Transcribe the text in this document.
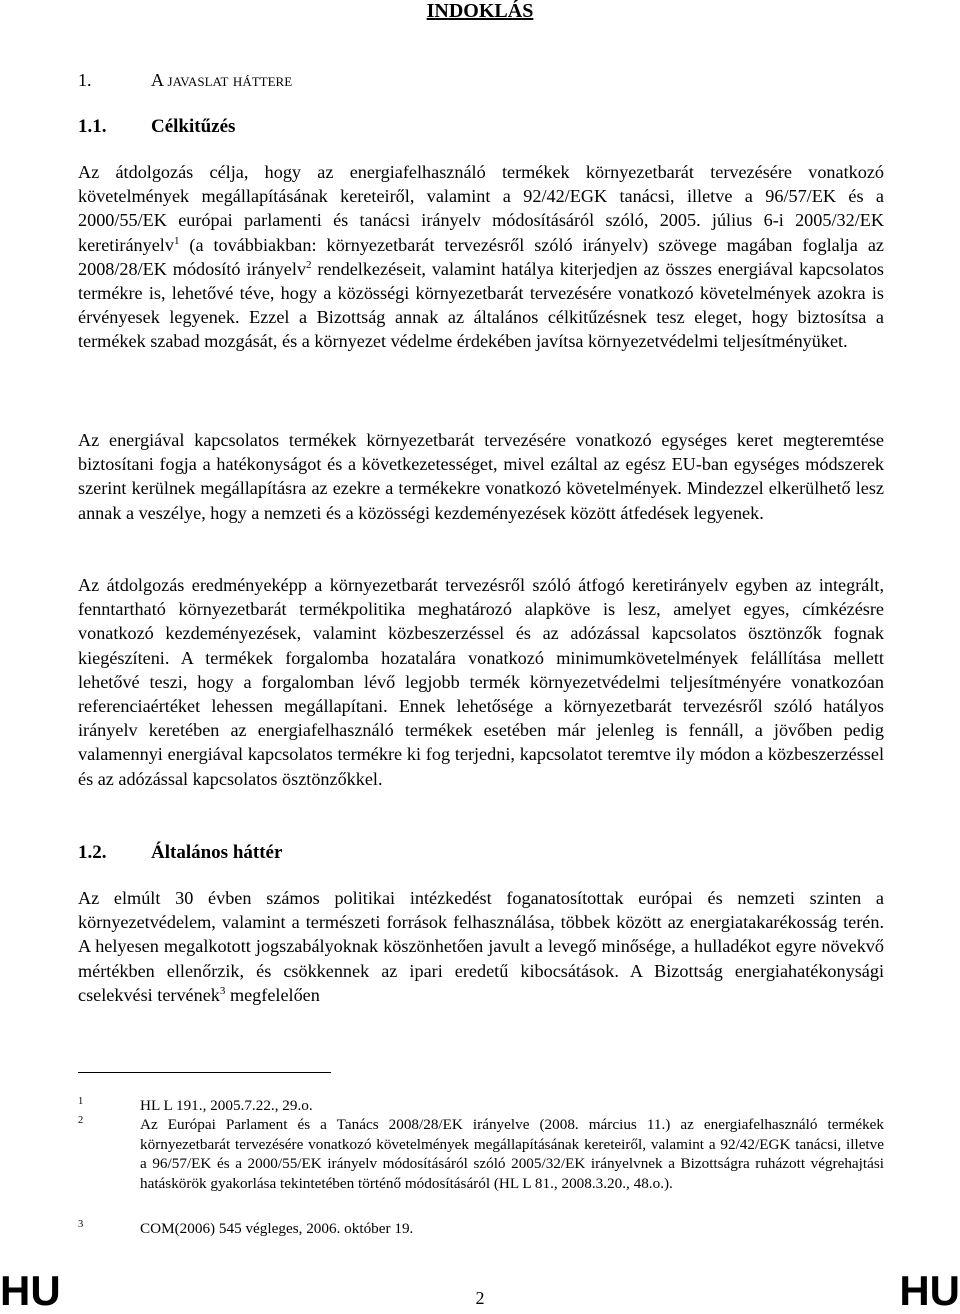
INDOKLÁS
1.	A javaslat háttere
1.1. Célkitűzés

Az átdolgozás célja, hogy az energiafelhasználó termékek környezetbarát tervezésére vonatkozó követelmények megállapításának kereteiről, valamint a 92/42/EGK tanácsi, illetve a 96/57/EK és a 2000/55/EK európai parlamenti és tanácsi irányelv módosításáról szóló, 2005. július 6-i 2005/32/EK keretirányelv$^1$ (a továbbiakban: környezetbarát tervezésről szóló irányelv) szövege magában foglalja az 2008/28/EK módosító irányelv$^2$ rendelkezéseit, valamint hatálya kiterjedjen az összes energiával kapcsolatos termékre is, lehetővé téve, hogy a közösségi környezetbarát tervezésére vonatkozó követelmények azokra is érvényesek legyenek. Ezzel a Bizottság annak az általános célkitűzésnek tesz eleget, hogy biztosítsa a termékek szabad mozgását, és a környezet védelme érdekében javítsa környezetvédelmi teljesítményüket.

Az energiával kapcsolatos termékek környezetbarát tervezésére vonatkozó egységes keret megteremtése biztosítani fogja a hatékonyságot és a következetességet, mivel ezáltal az egész EU-ban egységes módszerek szerint kerülnek megállapításra az ezekre a termékekre vonatkozó követelmények. Mindezzel elkerülhető lesz annak a veszélye, hogy a nemzeti és a közösségi kezdeményezések között átfedések legyenek.

Az átdolgozás eredményeképp a környezetbarát tervezésről szóló átfogó keretirányelv egyben az integrált, fenntartható környezetbarát termékpolitika meghatározó alapköve is lesz, amelyet egyes, címkézésre vonatkozó kezdeményezések, valamint közbeszerzéssel és az adózással kapcsolatos ösztönzők fognak kiegészíteni. A termékek forgalomba hozatalára vonatkozó minimumkövetelmények felállítása mellett lehetővé teszi, hogy a forgalomban lévő legjobb termék környezetvédelmi teljesítményére vonatkozóan referenciaértéket lehessen megállapítani. Ennek lehetősége a környezetbarát tervezésről szóló hatályos irányelv keretében az energiafelhasználó termékek esetében már jelenleg is fennáll, a jövőben pedig valamennyi energiával kapcsolatos termékre ki fog terjedni, kapcsolatot teremtve ily módon a közbeszerzéssel és az adózással kapcsolatos ösztönzőkkel.

1.2. Általános háttér

Az elmúlt 30 évben számos politikai intézkedést foganatosítottak európai és nemzeti szinten a környezetvédelem, valamint a természeti források felhasználása, többek között az energiatakarékosság terén. A helyesen megalkotott jogszabályoknak köszönhetően javult a levegő minősége, a hulladékot egyre növekvő mértékben ellenőrzik, és csökkennek az ipari eredetű kibocsátások. A Bizottság energiahatékonysági cselekvési tervének$^3$ megfelelően

1	HL L 191., 2005.7.22., 29.o.
2	Az Európai Parlament és a Tanács 2008/28/EK irányelve (2008. március 11.) az energiafelhasználó termékek környezetbarát tervezésére vonatkozó követelmények megállapításának kereteiről, valamint a 92/42/EGK tanácsi, illetve a 96/57/EK és a 2000/55/EK irányelv módosításáról szóló 2005/32/EK irányelvnek a Bizottságra ruházott végrehajtási hatáskörök gyakorlása tekintetében történő módosításáról (HL L 81., 2008.3.20., 48.o.).
3	COM(2006) 545 végleges, 2006. október 19.
HU	2	HU
